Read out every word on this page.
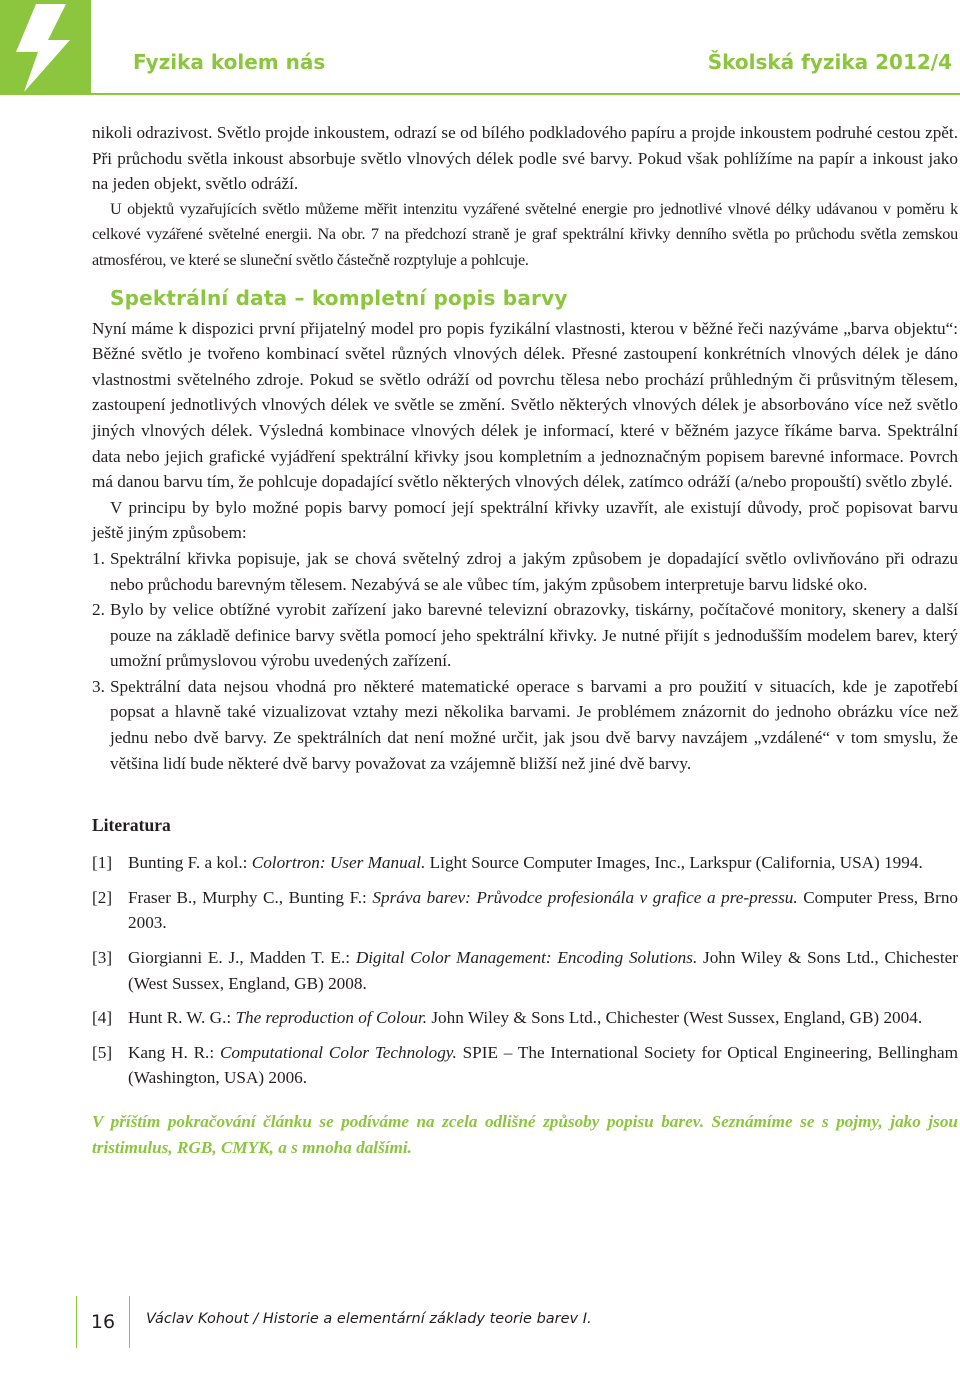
Fyzika kolem nás	Školská fyzika 2012/4

nikoli odrazivost. Světlo projde inkoustem, odrazí se od bílého podkladového papíru a projde inkoustem podruhé cestou zpět. Při průchodu světla inkoust absorbuje světlo vlnových délek podle své barvy. Pokud však pohlížíme na papír a inkoust jako na jeden objekt, světlo odráží.

U objektů vyzařujících světlo můžeme měřit intenzitu vyzářené světelné energie pro jednotlivé vlnové délky udávanou v poměru k celkové vyzářené světelné energii. Na obr. 7 na předchozí straně je graf spektrální křivky denního světla po průchodu světla zemskou atmosférou, ve které se sluneční světlo částečně rozptyluje a pohlcuje.

Spektrální data – kompletní popis barvy

Nyní máme k dispozici první přijatelný model pro popis fyzikální vlastnosti, kterou v běžné řeči nazýváme „barva objektu“: Běžné světlo je tvořeno kombinací světel různých vlnových délek. Přesné zastoupení konkrétních vlnových délek je dáno vlastnostmi světelného zdroje. Pokud se světlo odráží od povrchu tělesa nebo prochází průhledným či průsvitným tělesem, zastoupení jednotlivých vlnových délek ve světle se změní. Světlo některých vlnových délek je absorbováno více než světlo jiných vlnových délek. Výsledná kombinace vlnových délek je informací, které v běžném jazyce říkáme barva. Spektrální data nebo jejich grafické vyjádření spektrální křivky jsou kompletním a jednoznačným popisem barevné informace. Povrch má danou barvu tím, že pohlcuje dopadající světlo některých vlnových délek, zatímco odráží (a/nebo propouští) světlo zbylé.

V principu by bylo možné popis barvy pomocí její spektrální křivky uzavřít, ale existují důvody, proč popisovat barvu ještě jiným způsobem:

1. Spektrální křivka popisuje, jak se chová světelný zdroj a jakým způsobem je dopadající světlo ovlivňováno při odrazu nebo průchodu barevným tělesem. Nezabývá se ale vůbec tím, jakým způsobem interpretuje barvu lidské oko.
2. Bylo by velice obtížné vyrobit zařízení jako barevné televizní obrazovky, tiskárny, počítačové monitory, skenery a další pouze na základě definice barvy světla pomocí jeho spektrální křivky. Je nutné přijít s jednodušším modelem barev, který umožní průmyslovou výrobu uvedených zařízení.
3. Spektrální data nejsou vhodná pro některé matematické operace s barvami a pro použití v situacích, kde je zapotřebí popsat a hlavně také vizualizovat vztahy mezi několika barvami. Je problémem znázornit do jednoho obrázku více než jednu nebo dvě barvy. Ze spektrálních dat není možné určit, jak jsou dvě barvy navzájem „vzdálené“ v tom smyslu, že většina lidí bude některé dvě barvy považovat za vzájemně bližší než jiné dvě barvy.
Literatura
[1] Bunting F. a kol.: Colortron: User Manual. Light Source Computer Images, Inc., Larkspur (California, USA) 1994.
[2] Fraser B., Murphy C., Bunting F.: Správa barev: Průvodce profesionála v grafice a pre-pressu. Computer Press, Brno 2003.
[3] Giorgianni E. J., Madden T. E.: Digital Color Management: Encoding Solutions. John Wiley & Sons Ltd., Chichester (West Sussex, England, GB) 2008.
[4] Hunt R. W. G.: The reproduction of Colour. John Wiley & Sons Ltd., Chichester (West Sussex, England, GB) 2004.
[5] Kang H. R.: Computational Color Technology. SPIE – The International Society for Optical Engineering, Bellingham (Washington, USA) 2006.
V příštím pokračování článku se podíváme na zcela odlišné způsoby popisu barev. Seznámíme se s pojmy, jako jsou tristimulus, RGB, CMYK, a s mnoha dalšími.
16	Václav Kohout / Historie a elementární základy teorie barev I.
